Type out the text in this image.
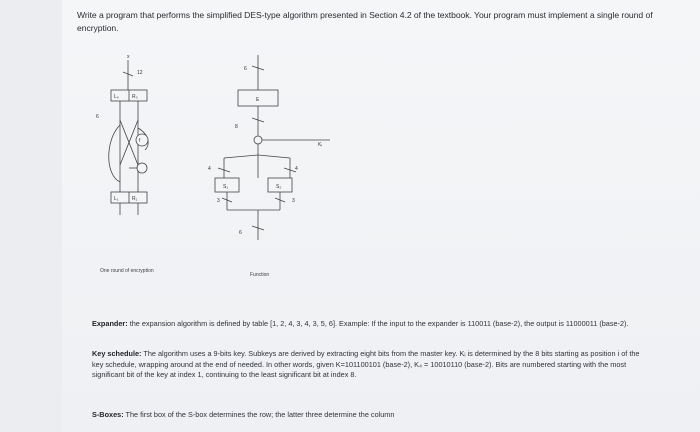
Write a program that performs the simplified DES-type algorithm presented in Section 4.2 of the textbook. Your program must implement a single round of encryption.
x
12
L₀	R₀
6
f
L₁	R₁
6
E
8
Kᵢ
4	4
S₁	S₂
3	3
6
One round of encryption
Function
Expander: the expansion algorithm is defined by table [1, 2, 4, 3, 4, 3, 5, 6]. Example: If the input to the expander is 110011 (base-2), the output is 11000011 (base-2).
Key schedule: The algorithm uses a 9-bits key. Subkeys are derived by extracting eight bits from the master key. Kᵢ is determined by the 8 bits starting as position i of the key schedule, wrapping around at the end of needed. In other words, given K=101100101 (base-2), K₄ = 10010110 (base-2). Bits are numbered starting with the most significant bit of the key at index 1, continuing to the least significant bit at index 8.
S-Boxes: The first box of the S-box determines the row; the latter three determine the column
